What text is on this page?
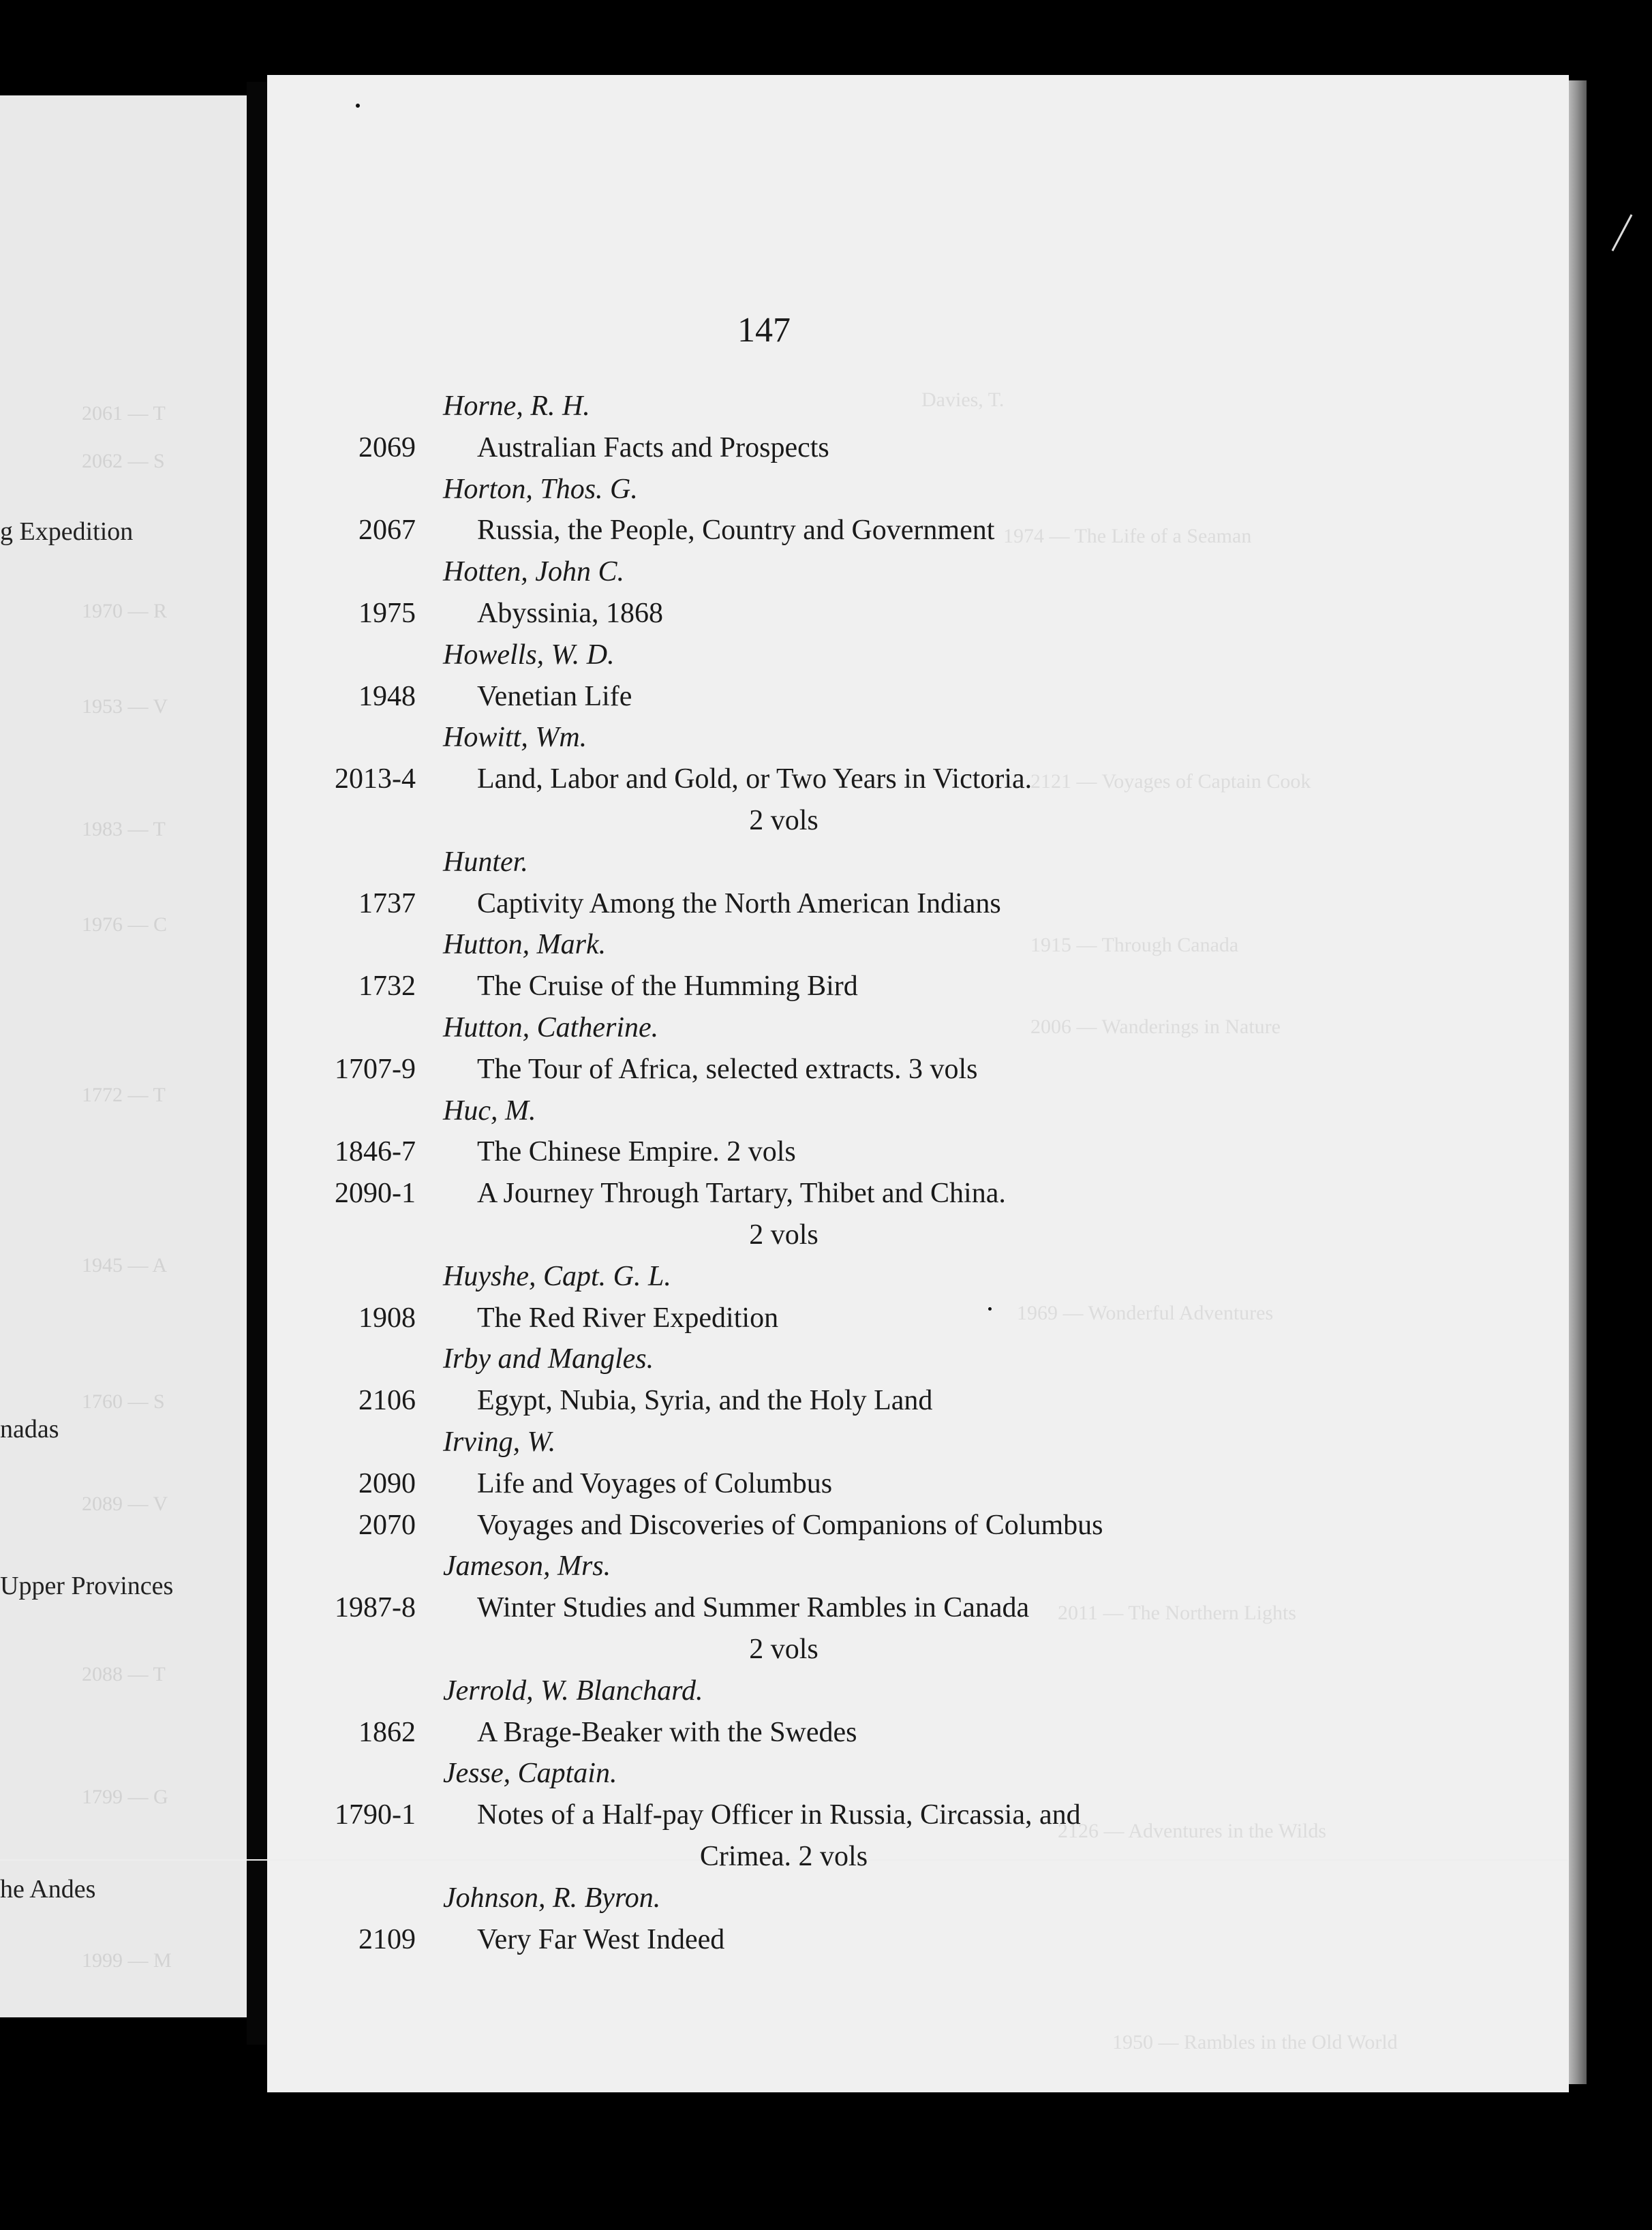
2061 — T
2062 — S
g Expedition
1970 — R
1953 — V
1983 — T
1976 — C
1772 — T
1945 — A
1760 — S
nadas
2089 — V
Upper Provinces
2088 — T
1799 — G
he Andes
1999 — M
Davies, T.
1974 — The Life of a Seaman
2121 — Voyages of Captain Cook
1915 — Through Canada
2006 — Wanderings in Nature
1969 — Wonderful Adventures
2011 — The Northern Lights
2126 — Adventures in the Wilds
1950 — Rambles in the Old World
147
Horne, R. H.
2069 Australian Facts and Prospects
Horton, Thos. G.
2067 Russia, the People, Country and Government
Hotten, John C.
1975 Abyssinia, 1868
Howells, W. D.
1948 Venetian Life
Howitt, Wm.
2013-4 Land, Labor and Gold, or Two Years in Victoria.
2 vols
Hunter.
1737 Captivity Among the North American Indians
Hutton, Mark.
1732 The Cruise of the Humming Bird
Hutton, Catherine.
1707-9 The Tour of Africa, selected extracts. 3 vols
Huc, M.
1846-7 The Chinese Empire. 2 vols
2090-1 A Journey Through Tartary, Thibet and China.
2 vols
Huyshe, Capt. G. L.
1908 The Red River Expedition
Irby and Mangles.
2106 Egypt, Nubia, Syria, and the Holy Land
Irving, W.
2090 Life and Voyages of Columbus
2070 Voyages and Discoveries of Companions of Columbus
Jameson, Mrs.
1987-8 Winter Studies and Summer Rambles in Canada
2 vols
Jerrold, W. Blanchard.
1862 A Brage-Beaker with the Swedes
Jesse, Captain.
1790-1 Notes of a Half-pay Officer in Russia, Circassia, and
Crimea. 2 vols
Johnson, R. Byron.
2109 Very Far West Indeed
